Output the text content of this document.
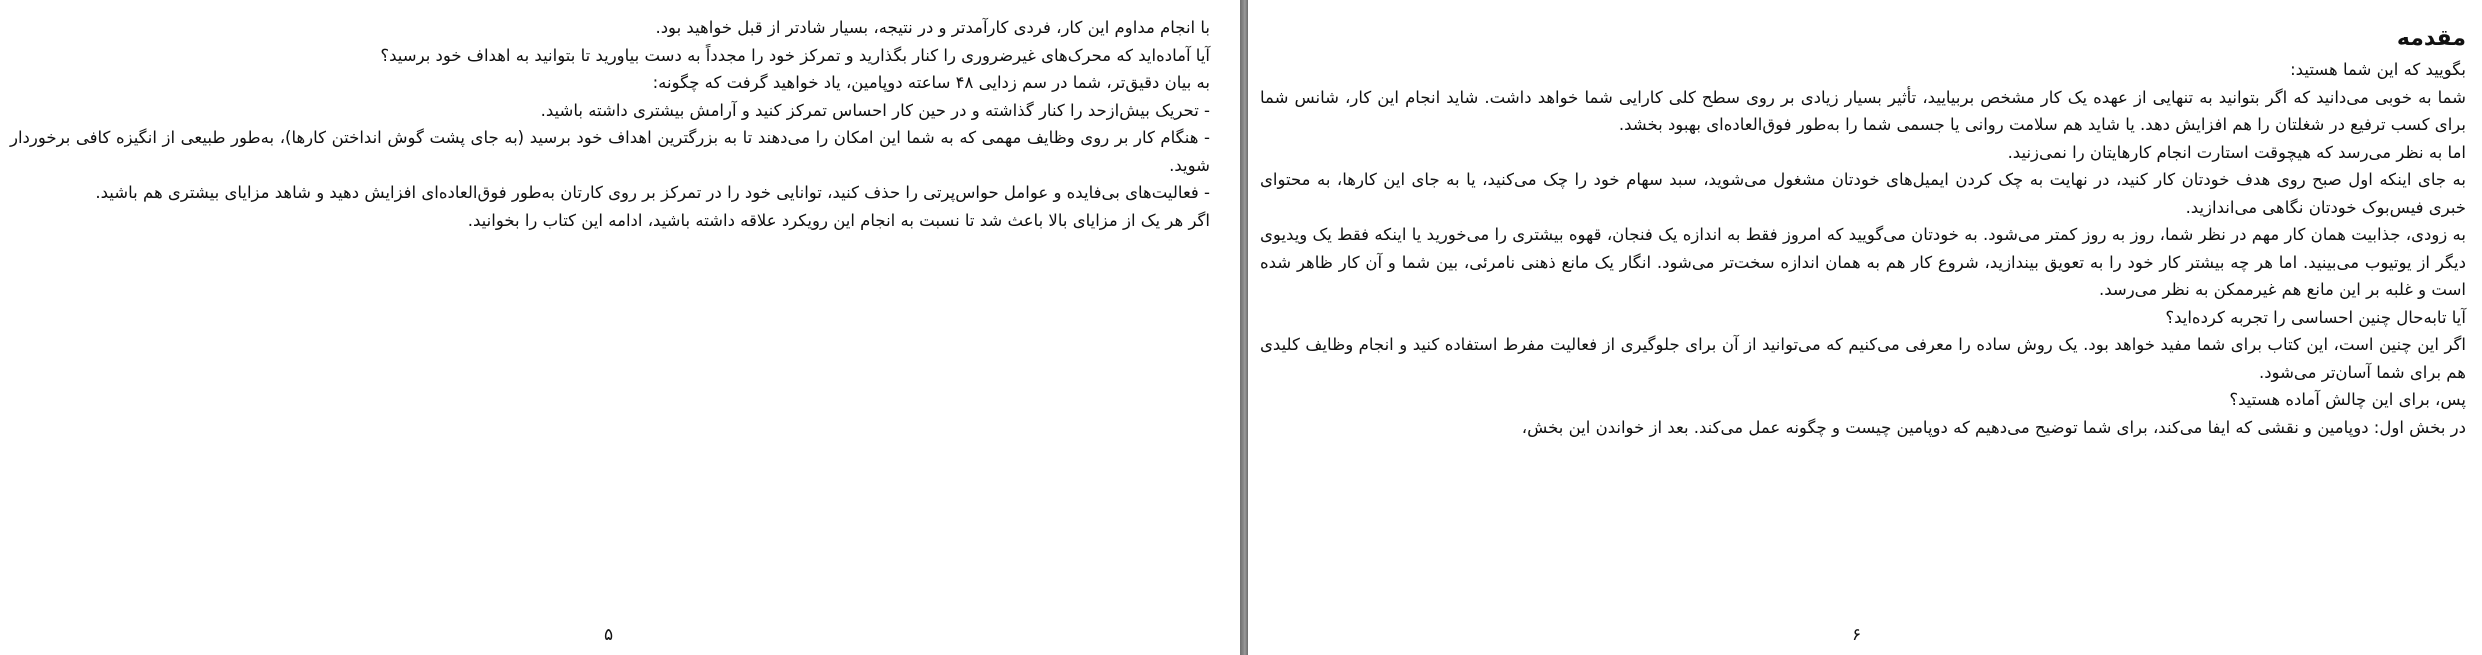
با انجام مداوم این کار، فردی کارآمدتر و در نتیجه، بسیار شادتر از قبل خواهید بود.

آیا آماده‌اید که محرک‌های غیرضروری را کنار بگذارید و تمرکز خود را مجدداً به دست بیاورید تا بتوانید به اهداف خود برسید؟

به بیان دقیق‌تر، شما در سم زدایی ۴۸ ساعته دوپامین، یاد خواهید گرفت که چگونه:

- تحریک بیش‌ازحد را کنار گذاشته و در حین کار احساس تمرکز کنید و آرامش بیشتری داشته باشید.

- هنگام کار بر روی وظایف مهمی که به شما این امکان را می‌دهند تا به بزرگترین اهداف خود برسید (به جای پشت گوش انداختن کارها)، به‌طور طبیعی از انگیزه کافی برخوردار شوید.

- فعالیت‌های بی‌فایده و عوامل حواس‌پرتی را حذف کنید، توانایی خود را در تمرکز بر روی کارتان به‌طور فوق‌العاده‌ای افزایش دهید و شاهد مزایای بیشتری هم باشید.

اگر هر یک از مزایای بالا باعث شد تا نسبت به انجام این رویکرد علاقه داشته باشید، ادامه این کتاب را بخوانید.

۵

مقدمه

بگویید که این شما هستید:

شما به خوبی می‌دانید که اگر بتوانید به تنهایی از عهده یک کار مشخص بربیایید، تأثیر بسیار زیادی بر روی سطح کلی کارایی شما خواهد داشت. شاید انجام این کار، شانس شما برای کسب ترفیع در شغلتان را هم افزایش دهد. یا شاید هم سلامت روانی یا جسمی شما را به‌طور فوق‌العاده‌ای بهبود بخشد.

اما به نظر می‌رسد که هیچوقت استارت انجام کارهایتان را نمی‌زنید.

به جای اینکه اول صبح روی هدف خودتان کار کنید، در نهایت به چک کردن ایمیل‌های خودتان مشغول می‌شوید، سبد سهام خود را چک می‌کنید، یا به جای این کارها، به محتوای خبری فیس‌بوک خودتان نگاهی می‌اندازید.

به زودی، جذابیت همان کار مهم در نظر شما، روز به روز کمتر می‌شود. به خودتان می‌گویید که امروز فقط به اندازه یک فنجان، قهوه بیشتری را می‌خورید یا اینکه فقط یک ویدیوی دیگر از یوتیوب می‌بینید. اما هر چه بیشتر کار خود را به تعویق بیندازید، شروع کار هم به همان اندازه سخت‌تر می‌شود. انگار یک مانع ذهنی نامرئی، بین شما و آن کار ظاهر شده است و غلبه بر این مانع هم غیرممکن به نظر می‌رسد.

آیا تابه‌حال چنین احساسی را تجربه کرده‌اید؟

اگر این چنین است، این کتاب برای شما مفید خواهد بود. یک روش ساده را معرفی می‌کنیم که می‌توانید از آن برای جلوگیری از فعالیت مفرط استفاده کنید و انجام وظایف کلیدی هم برای شما آسان‌تر می‌شود.

پس، برای این چالش آماده هستید؟

در بخش اول: دوپامین و نقشی که ایفا می‌کند، برای شما توضیح می‌دهیم که دوپامین چیست و چگونه عمل می‌کند. بعد از خواندن این بخش،

۶
